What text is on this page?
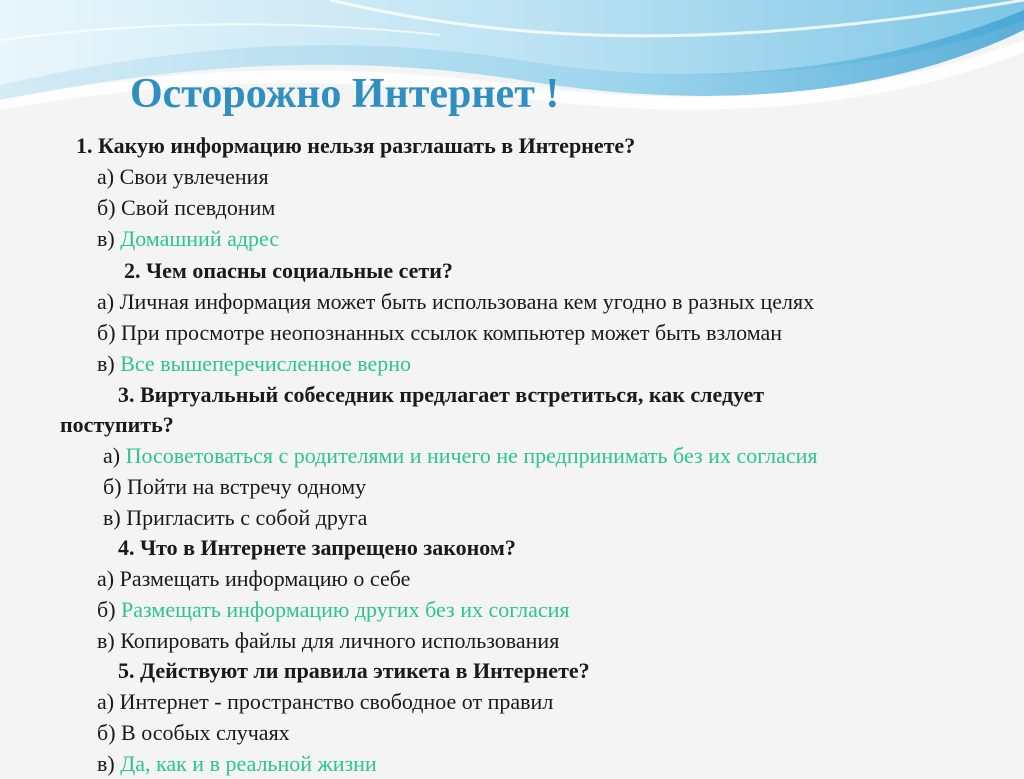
Осторожно Интернет !
1. Какую информацию нельзя разглашать в Интернете?
а) Свои увлечения
б) Свой псевдоним
в) Домашний адрес
2. Чем опасны социальные сети?
а) Личная информация может быть использована кем угодно в разных целях
б) При просмотре неопознанных ссылок компьютер может быть взломан
в) Все вышеперечисленное верно
3. Виртуальный собеседник предлагает встретиться, как следует
поступить?
а) Посоветоваться с родителями и ничего не предпринимать без их согласия
б) Пойти на встречу одному
в) Пригласить с собой друга
4. Что в Интернете запрещено законом?
а) Размещать информацию о себе
б) Размещать информацию других без их согласия
в) Копировать файлы для личного использования
5. Действуют ли правила этикета в Интернете?
а) Интернет - пространство свободное от правил
б) В особых случаях
в) Да, как и в реальной жизни
